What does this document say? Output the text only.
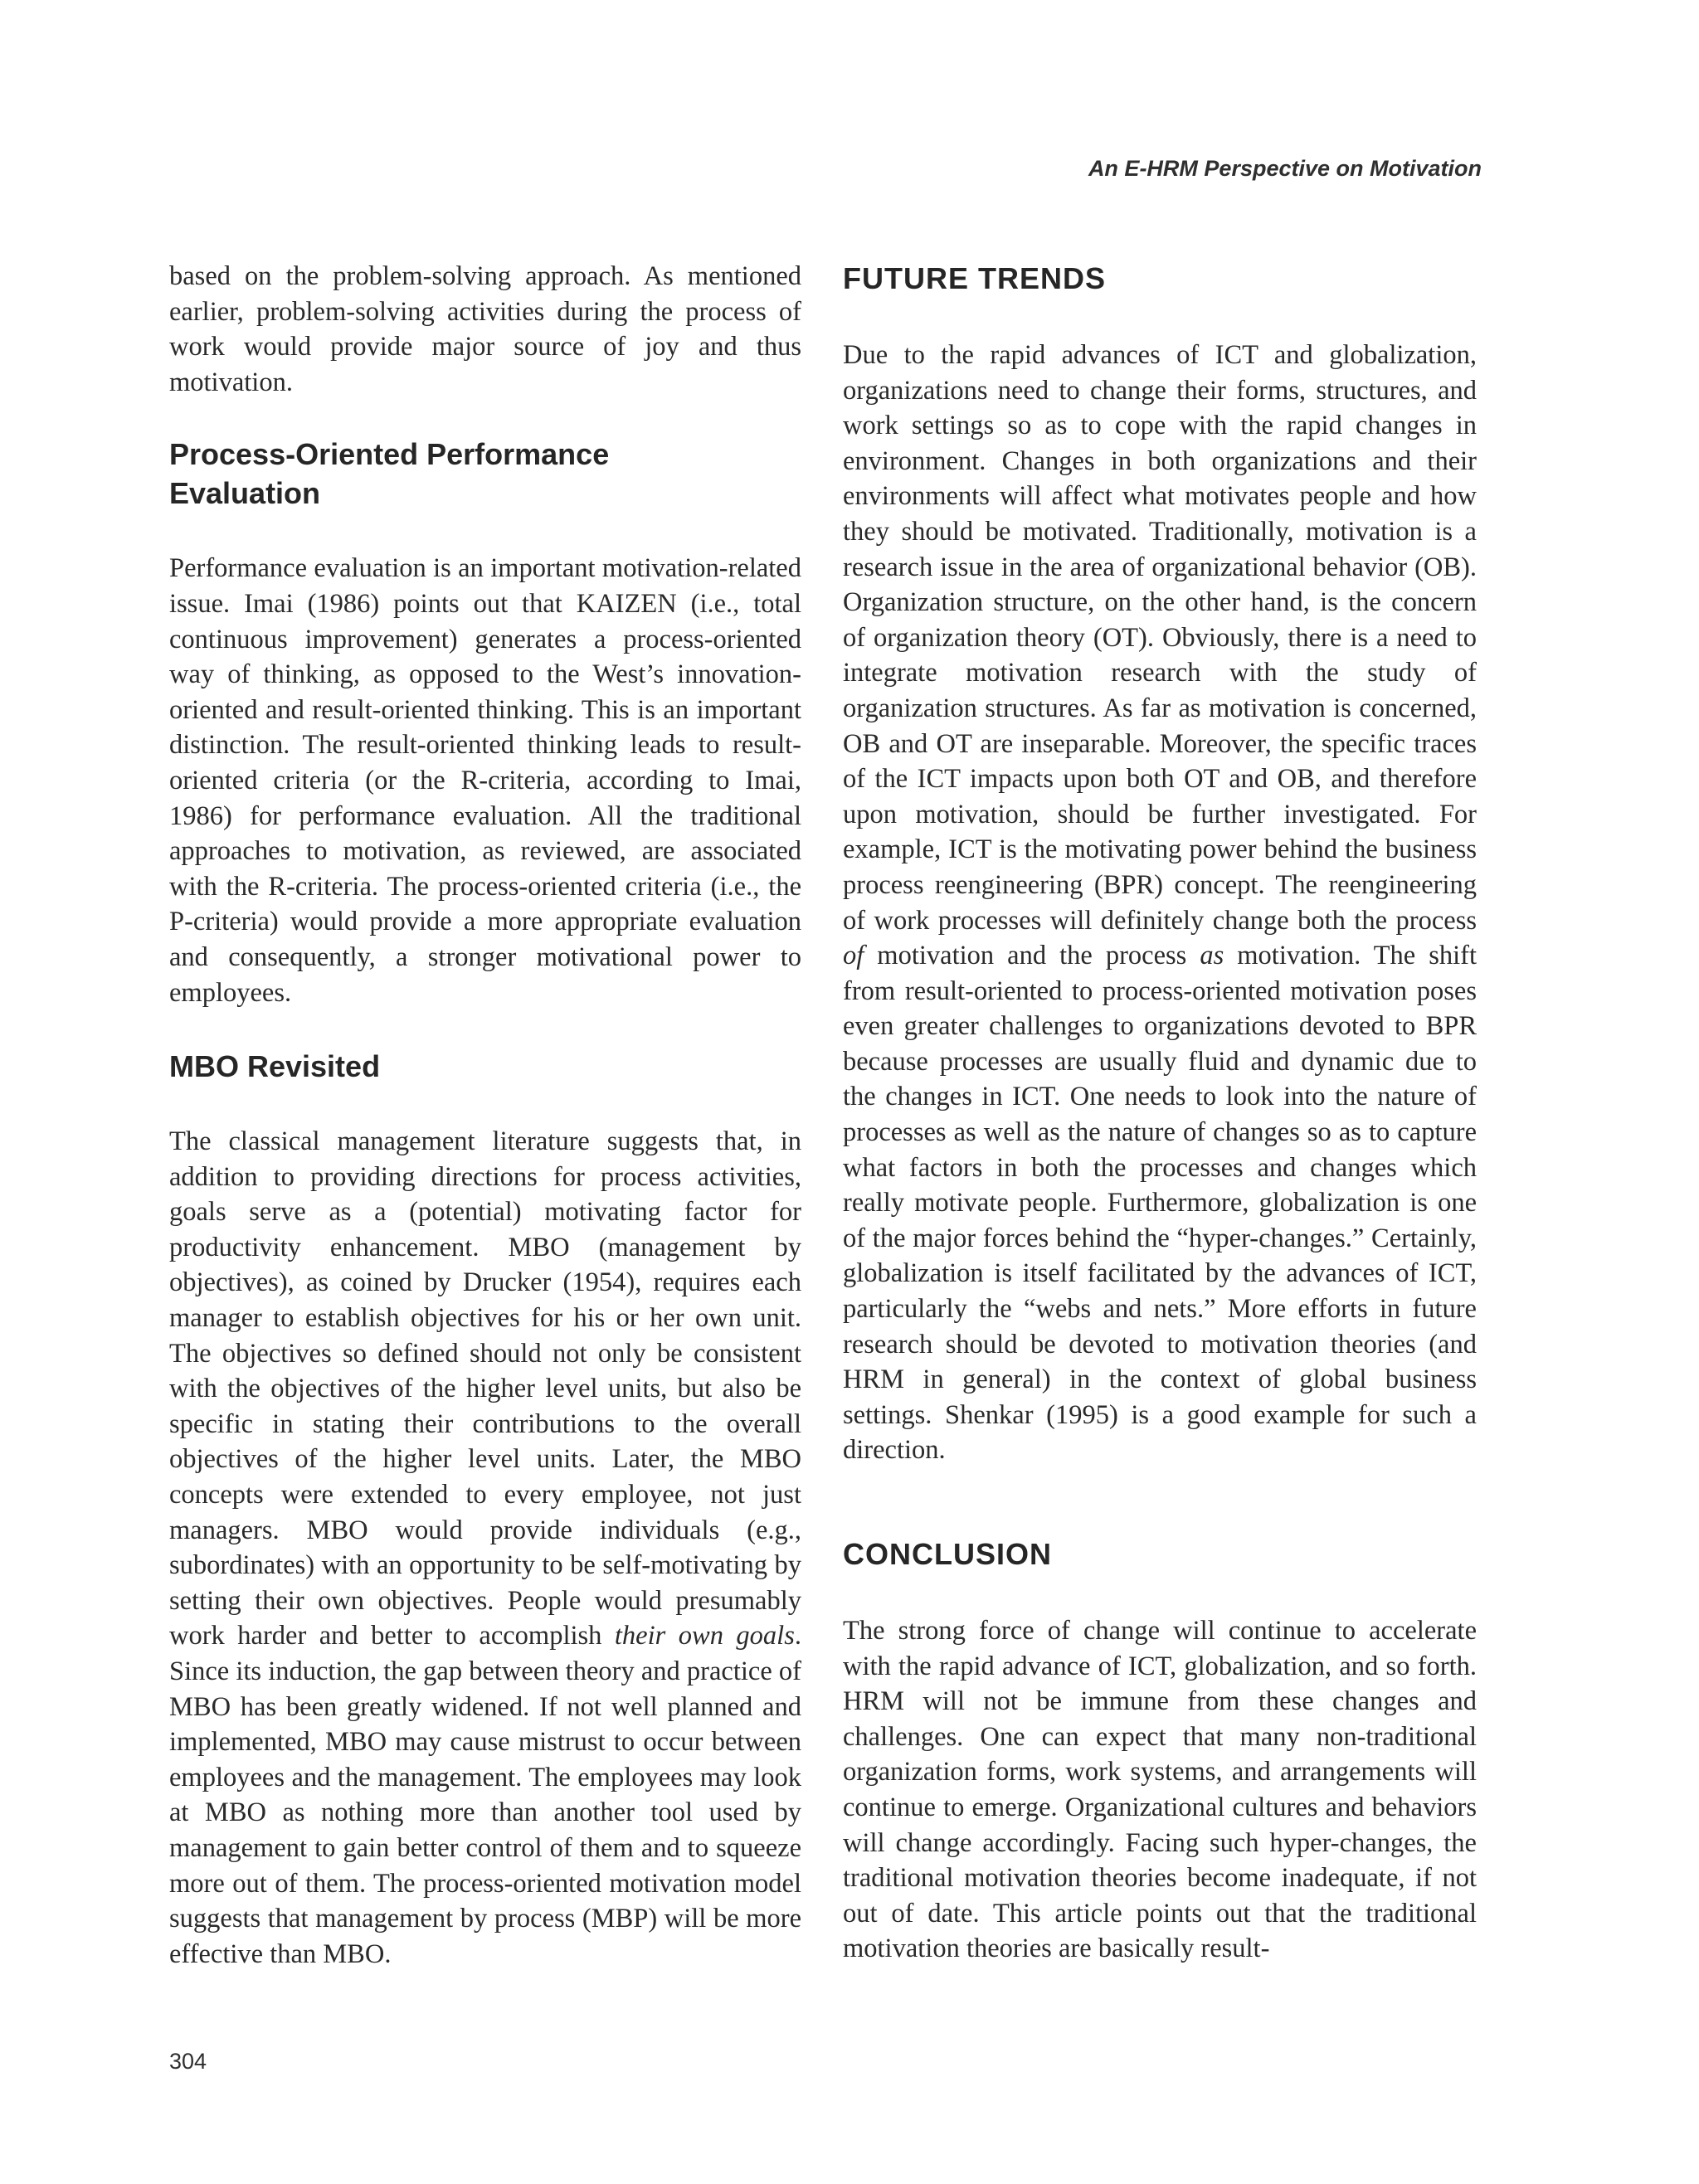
An E-HRM Perspective on Motivation

based on the problem-solving approach. As mentioned earlier, problem-solving activities during the process of work would provide major source of joy and thus motivation.

Process-Oriented Performance Evaluation

Performance evaluation is an important motivation-related issue. Imai (1986) points out that KAIZEN (i.e., total continuous improvement) generates a process-oriented way of thinking, as opposed to the West’s innovation-oriented and result-oriented thinking. This is an important distinction. The result-oriented thinking leads to result-oriented criteria (or the R-criteria, according to Imai, 1986) for performance evaluation. All the traditional approaches to motivation, as reviewed, are associated with the R-criteria. The process-oriented criteria (i.e., the P-criteria) would provide a more appropriate evaluation and consequently, a stronger motivational power to employees.

MBO Revisited

The classical management literature suggests that, in addition to providing directions for process activities, goals serve as a (potential) motivating factor for productivity enhancement. MBO (management by objectives), as coined by Drucker (1954), requires each manager to establish objectives for his or her own unit. The objectives so defined should not only be consistent with the objectives of the higher level units, but also be specific in stating their contributions to the overall objectives of the higher level units. Later, the MBO concepts were extended to every employee, not just managers. MBO would provide individuals (e.g., subordinates) with an opportunity to be self-motivating by setting their own objectives. People would presumably work harder and better to accomplish their own goals. Since its induction, the gap between theory and practice of MBO has been greatly widened. If not well planned and implemented, MBO may cause mistrust to occur between employees and the management. The employees may look at MBO as nothing more than another tool used by management to gain better control of them and to squeeze more out of them. The process-oriented motivation model suggests that management by process (MBP) will be more effective than MBO.

FUTURE TRENDS

Due to the rapid advances of ICT and globalization, organizations need to change their forms, structures, and work settings so as to cope with the rapid changes in environment. Changes in both organizations and their environments will affect what motivates people and how they should be motivated. Traditionally, motivation is a research issue in the area of organizational behavior (OB). Organization structure, on the other hand, is the concern of organization theory (OT). Obviously, there is a need to integrate motivation research with the study of organization structures. As far as motivation is concerned, OB and OT are inseparable. Moreover, the specific traces of the ICT impacts upon both OT and OB, and therefore upon motivation, should be further investigated. For example, ICT is the motivating power behind the business process reengineering (BPR) concept. The reengineering of work processes will definitely change both the process of motivation and the process as motivation. The shift from result-oriented to process-oriented motivation poses even greater challenges to organizations devoted to BPR because processes are usually fluid and dynamic due to the changes in ICT. One needs to look into the nature of processes as well as the nature of changes so as to capture what factors in both the processes and changes which really motivate people. Furthermore, globalization is one of the major forces behind the “hyper-changes.” Certainly, globalization is itself facilitated by the advances of ICT, particularly the “webs and nets.” More efforts in future research should be devoted to motivation theories (and HRM in general) in the context of global business settings. Shenkar (1995) is a good example for such a direction.

CONCLUSION

The strong force of change will continue to accelerate with the rapid advance of ICT, globalization, and so forth. HRM will not be immune from these changes and challenges. One can expect that many non-traditional organization forms, work systems, and arrangements will continue to emerge. Organizational cultures and behaviors will change accordingly. Facing such hyper-changes, the traditional motivation theories become inadequate, if not out of date. This article points out that the traditional motivation theories are basically result-

304
